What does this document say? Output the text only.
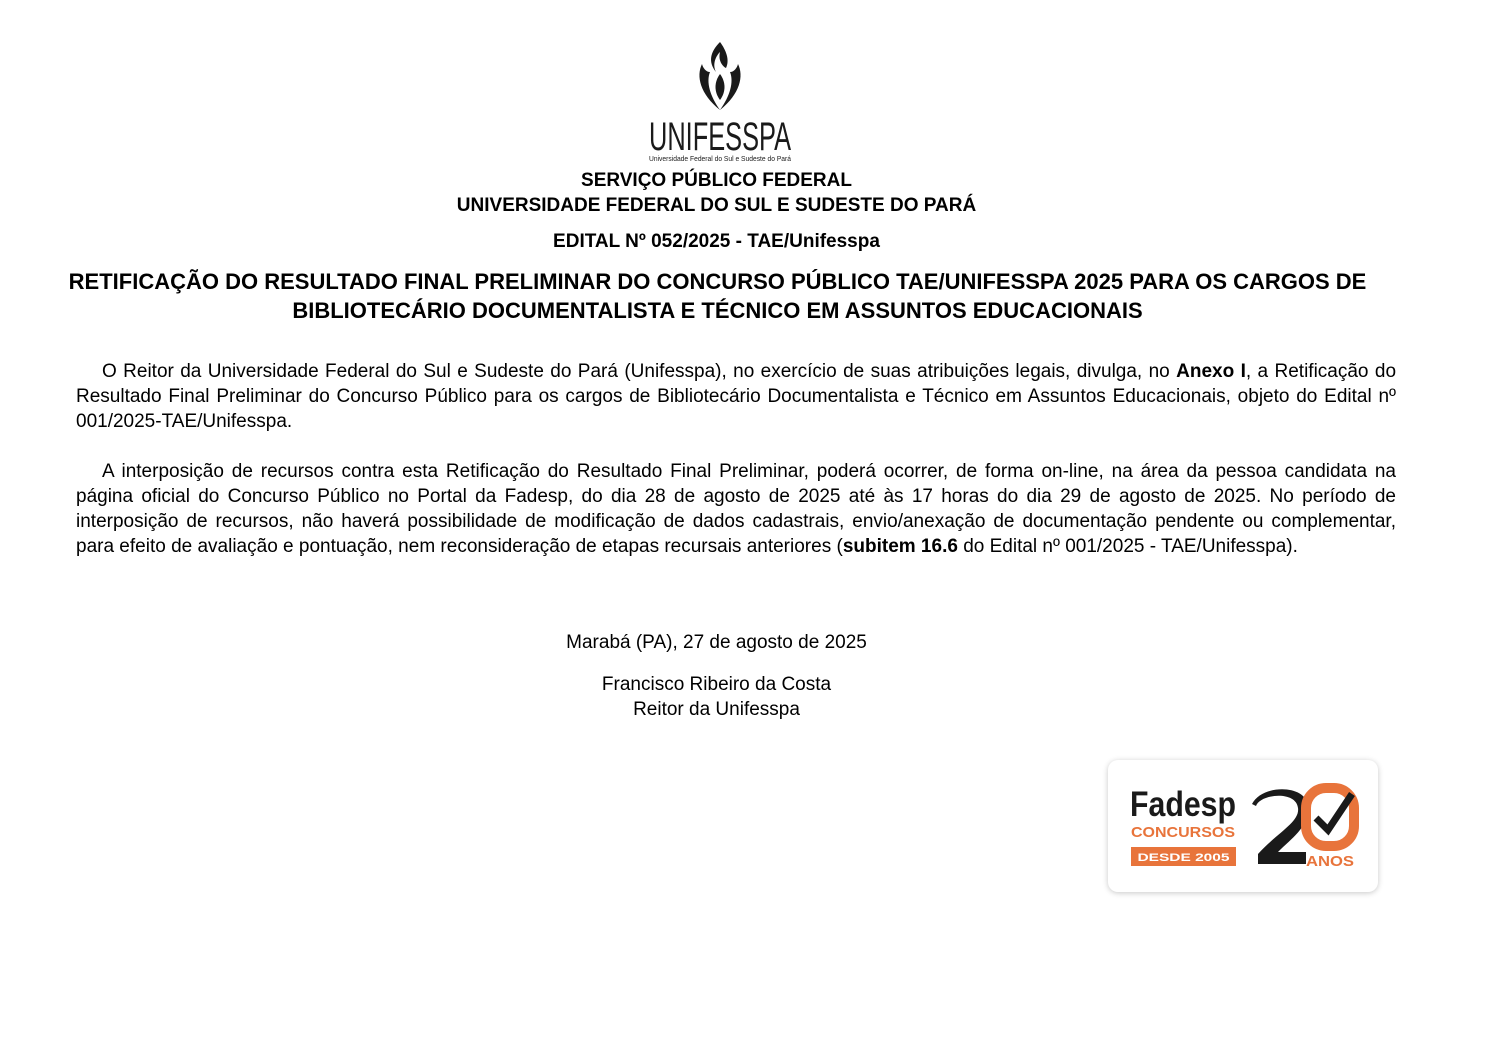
UNIFESSPA
Universidade Federal do Sul e Sudeste do Pará
SERVIÇO PÚBLICO FEDERAL
UNIVERSIDADE FEDERAL DO SUL E SUDESTE DO PARÁ
EDITAL Nº 052/2025 - TAE/Unifesspa
RETIFICAÇÃO DO RESULTADO FINAL PRELIMINAR DO CONCURSO PÚBLICO TAE/UNIFESSPA 2025 PARA OS CARGOS DE BIBLIOTECÁRIO DOCUMENTALISTA E TÉCNICO EM ASSUNTOS EDUCACIONAIS

O Reitor da Universidade Federal do Sul e Sudeste do Pará (Unifesspa), no exercício de suas atribuições legais, divulga, no Anexo I, a Retificação do Resultado Final Preliminar do Concurso Público para os cargos de Bibliotecário Documentalista e Técnico em Assuntos Educacionais, objeto do Edital nº 001/2025-TAE/Unifesspa.

A interposição de recursos contra esta Retificação do Resultado Final Preliminar, poderá ocorrer, de forma on-line, na área da pessoa candidata na página oficial do Concurso Público no Portal da Fadesp, do dia 28 de agosto de 2025 até às 17 horas do dia 29 de agosto de 2025. No período de interposição de recursos, não haverá possibilidade de modificação de dados cadastrais, envio/anexação de documentação pendente ou complementar, para efeito de avaliação e pontuação, nem reconsideração de etapas recursais anteriores (subitem 16.6 do Edital nº 001/2025 - TAE/Unifesspa).

Marabá (PA), 27 de agosto de 2025
Francisco Ribeiro da Costa
Reitor da Unifesspa
Fadesp
CONCURSOS
DESDE 2005	ANOS
